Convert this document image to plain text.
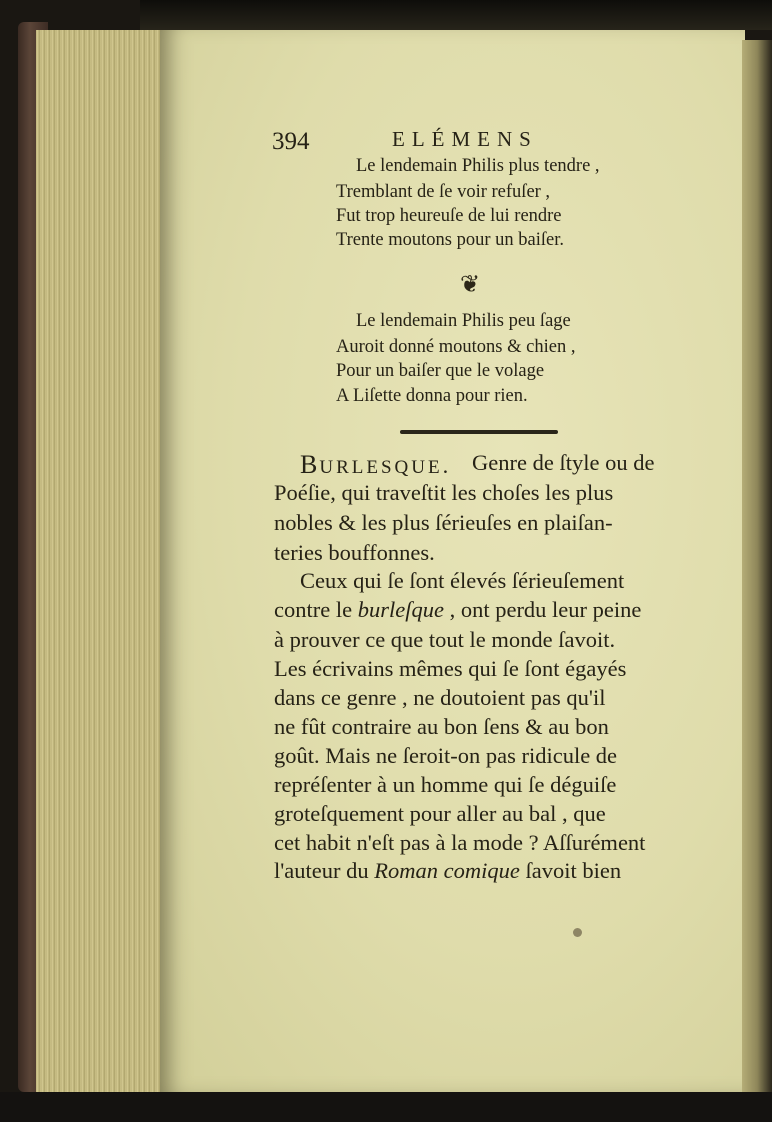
394	ELÉMENS
Le lendemain Philis plus tendre ,
Tremblant de ſe voir refuſer ,
Fut trop heureuſe de lui rendre
Trente moutons pour un baiſer.
❦
Le lendemain Philis peu ſage
Auroit donné moutons & chien ,
Pour un baiſer que le volage
A Liſette donna pour rien.
BURLESQUE. Genre de ſtyle ou de
Poéſie, qui traveſtit les choſes les plus
nobles & les plus ſérieuſes en plaiſan-
teries bouffonnes.
Ceux qui ſe ſont élevés ſérieuſement
contre le burleſque , ont perdu leur peine
à prouver ce que tout le monde ſavoit.
Les écrivains mêmes qui ſe ſont égayés
dans ce genre , ne doutoient pas qu'il
ne fût contraire au bon ſens & au bon
goût. Mais ne ſeroit-on pas ridicule de
repréſenter à un homme qui ſe déguiſe
groteſquement pour aller au bal , que
cet habit n'eſt pas à la mode ? Aſſurément
l'auteur du Roman comique ſavoit bien
